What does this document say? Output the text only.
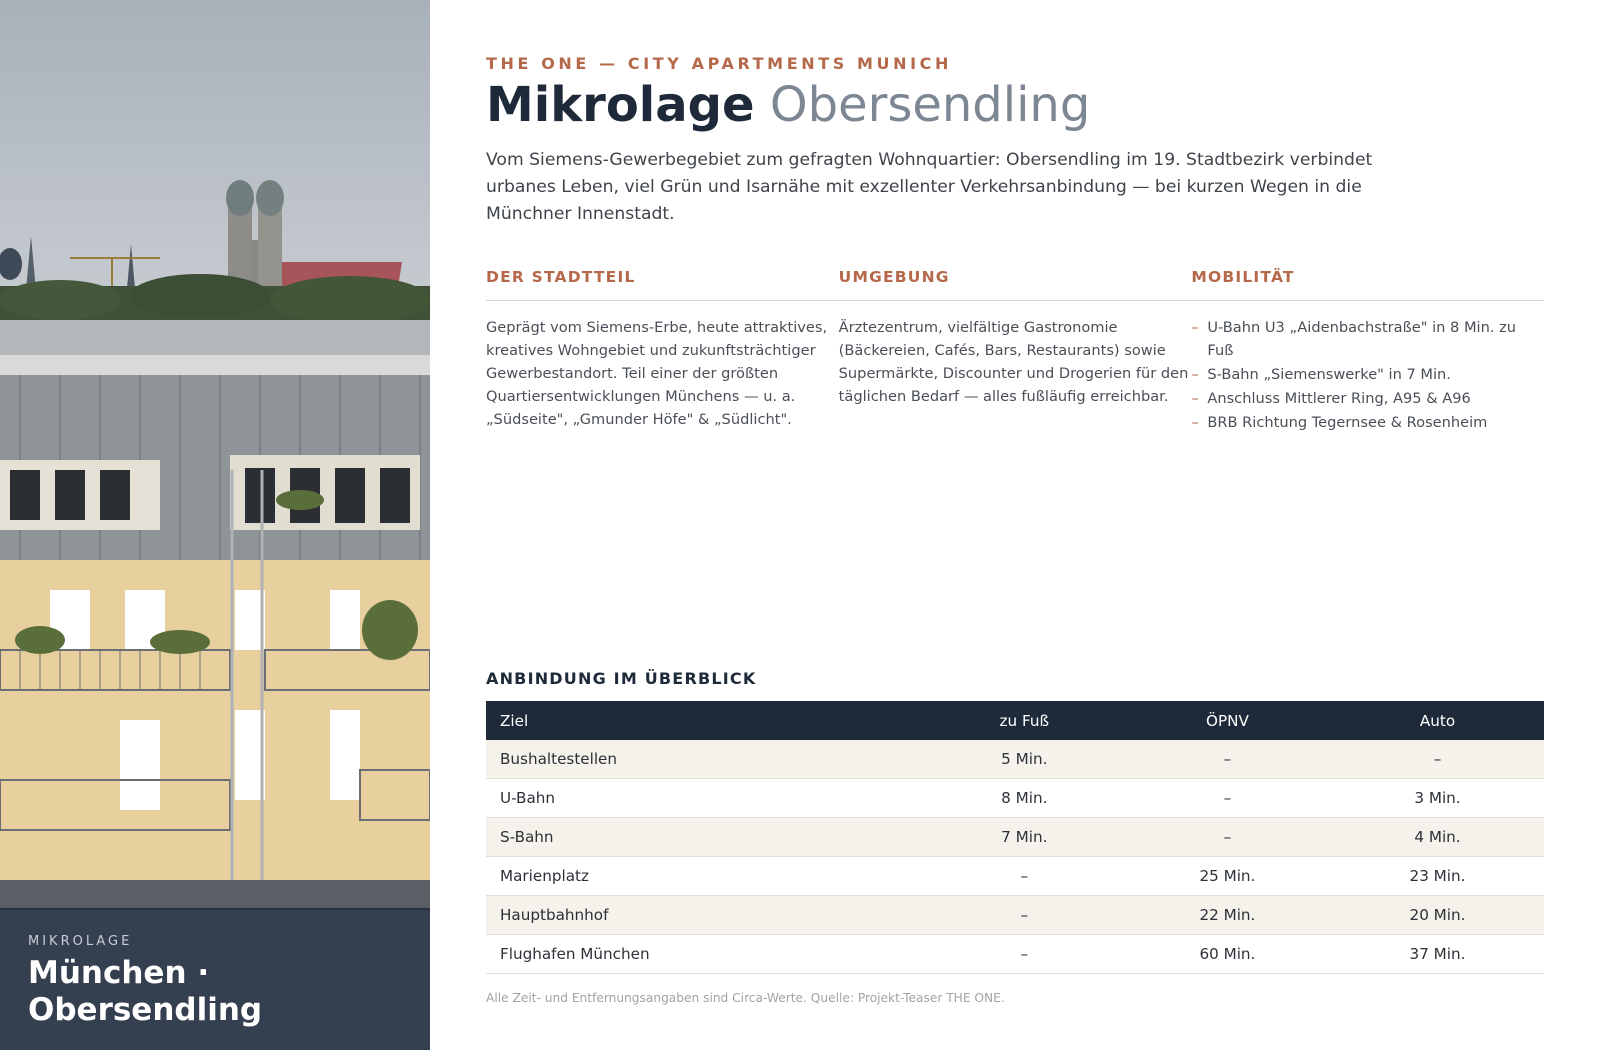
MIKROLAGE
München · Obersendling
THE ONE — CITY APARTMENTS MUNICH
Mikrolage Obersendling

Vom Siemens-Gewerbegebiet zum gefragten Wohnquartier: Obersendling im 19. Stadtbezirk verbindet urbanes Leben, viel Grün und Isarnähe mit exzellenter Verkehrsanbindung — bei kurzen Wegen in die Münchner Innenstadt.

DER STADTTEIL	UMGEBUNG	MOBILITÄT
Geprägt vom Siemens-Erbe, heute attraktives, kreatives Wohngebiet und zukunftsträchtiger Gewerbestandort. Teil einer der größten Quartiersentwicklungen Münchens — u. a. „Südseite", „Gmunder Höfe" & „Südlicht".
Ärztezentrum, vielfältige Gastronomie (Bäckereien, Cafés, Bars, Restaurants) sowie Supermärkte, Discounter und Drogerien für den täglichen Bedarf — alles fußläufig erreichbar.
– U-Bahn U3 „Aidenbachstraße" in 8 Min. zu Fuß
– S-Bahn „Siemenswerke" in 7 Min.
– Anschluss Mittlerer Ring, A95 & A96
– BRB Richtung Tegernsee & Rosenheim
ANBINDUNG IM ÜBERBLICK
Ziel	zu Fuß	ÖPNV	Auto
Bushaltestellen	5 Min.	–	–
U-Bahn	8 Min.	–	3 Min.
S-Bahn	7 Min.	–	4 Min.
Marienplatz	–	25 Min.	23 Min.
Hauptbahnhof	–	22 Min.	20 Min.
Flughafen München	–	60 Min.	37 Min.
Alle Zeit- und Entfernungsangaben sind Circa-Werte. Quelle: Projekt-Teaser THE ONE.
